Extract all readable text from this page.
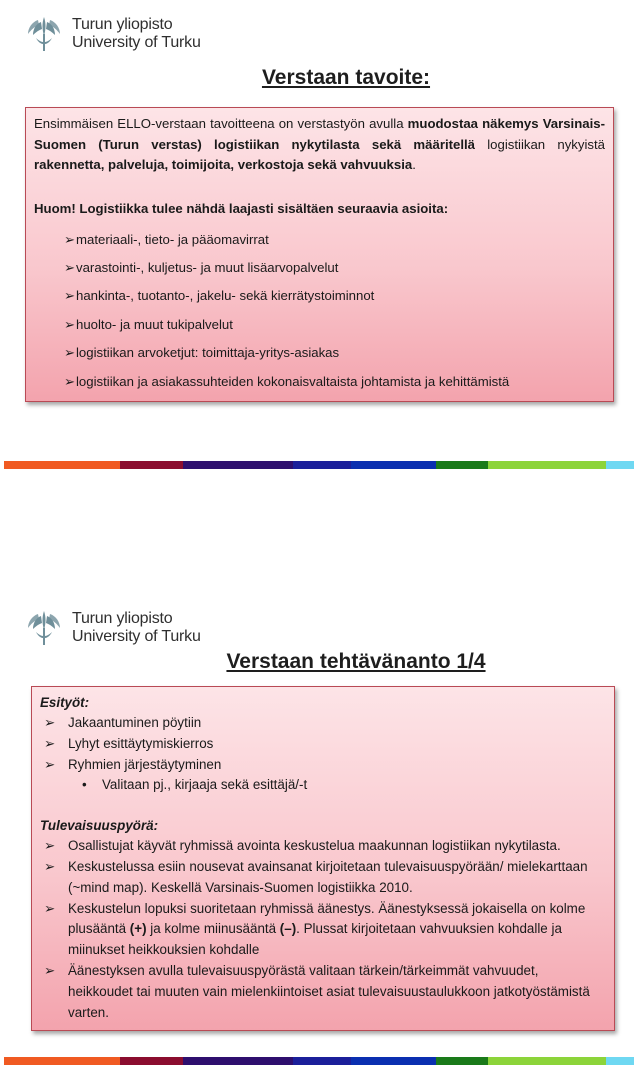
Turun yliopisto
University of Turku
Verstaan tavoite:

Ensimmäisen ELLO-verstaan tavoitteena on verstastyön avulla muodostaa näkemys Varsinais-Suomen (Turun verstas) logistiikan nykytilasta sekä määritellä logistiikan nykyistä rakennetta, palveluja, toimijoita, verkostoja sekä vahvuuksia.

Huom! Logistiikka tulee nähdä laajasti sisältäen seuraavia asioita:
➢ materiaali-, tieto- ja pääomavirrat
➢ varastointi-, kuljetus- ja muut lisäarvopalvelut
➢ hankinta-, tuotanto-, jakelu- sekä kierrätystoiminnot
➢ huolto- ja muut tukipalvelut
➢ logistiikan arvoketjut: toimittaja-yritys-asiakas
➢ logistiikan ja asiakassuhteiden kokonaisvaltaista johtamista ja kehittämistä
Turun yliopisto
University of Turku
Verstaan tehtävänanto 1/4
Esityöt:
➢ Jakaantuminen pöytiin
➢ Lyhyt esittäytymiskierros
➢ Ryhmien järjestäytyminen
• Valitaan pj., kirjaaja sekä esittäjä/-t
Tulevaisuuspyörä:
➢ Osallistujat käyvät ryhmissä avointa keskustelua maakunnan logistiikan nykytilasta.
➢ Keskustelussa esiin nousevat avainsanat kirjoitetaan tulevaisuuspyörään/ mielekarttaan (~mind map). Keskellä Varsinais-Suomen logistiikka 2010.
➢ Keskustelun lopuksi suoritetaan ryhmissä äänestys. Äänestyksessä jokaisella on kolme plusääntä (+) ja kolme miinusääntä (–). Plussat kirjoitetaan vahvuuksien kohdalle ja miinukset heikkouksien kohdalle
➢ Äänestyksen avulla tulevaisuuspyörästä valitaan tärkein/tärkeimmät vahvuudet, heikkoudet tai muuten vain mielenkiintoiset asiat tulevaisuustaulukkoon jatkotyöstämistä varten.
